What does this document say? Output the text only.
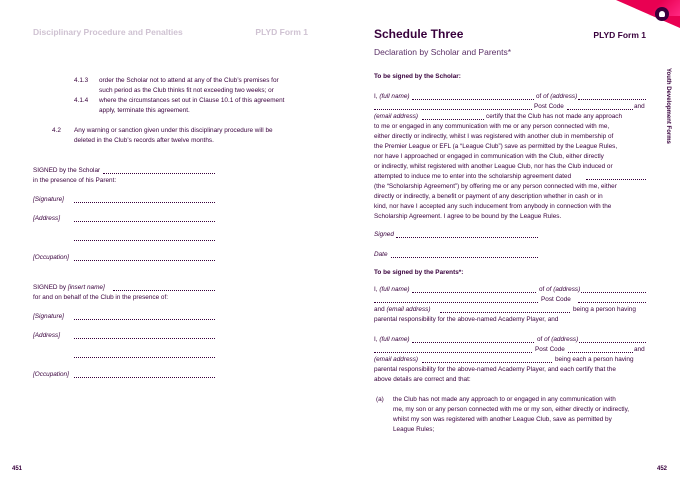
Disciplinary Procedure and Penalties	PLYD Form 1
4.1.3 order the Scholar not to attend at any of the Club’s premises for
such period as the Club thinks fit not exceeding two weeks; or
4.1.4 where the circumstances set out in Clause 10.1 of this agreement
apply, terminate this agreement.
4.2 Any warning or sanction given under this disciplinary procedure will be
deleted in the Club’s records after twelve months.
SIGNED by the Scholar
in the presence of his Parent:
[Signature]
[Address]
[Occupation]
SIGNED by [insert name]
for and on behalf of the Club in the presence of:
[Signature]
[Address]
[Occupation]
451
Schedule Three	PLYD Form 1
Declaration by Scholar and Parents*
Youth Development Forms
To be signed by the Scholar:
I, (full name)	of of (address)
Post Code	and
(email address)	certify that the Club has not made any approach
to me or engaged in any communication with me or any person connected with me,
either directly or indirectly, whilst I was registered with another club in membership of
the Premier League or EFL (a “League Club”) save as permitted by the League Rules,
nor have I approached or engaged in communication with the Club, either directly
or indirectly, whilst registered with another League Club, nor has the Club induced or
attempted to induce me to enter into the scholarship agreement dated
(the “Scholarship Agreement”) by offering me or any person connected with me, either
directly or indirectly, a benefit or payment of any description whether in cash or in
kind, nor have I accepted any such inducement from anybody in connection with the
Scholarship Agreement. I agree to be bound by the League Rules.
Signed
Date
To be signed by the Parents*:
I, (full name)	of of (address)
Post Code
and (email address)	being a person having
parental responsibility for the above-named Academy Player, and
I, (full name)	of of (address)
Post Code	and
(email address)	being each a person having
parental responsibility for the above-named Academy Player, and each certify that the
above details are correct and that:
(a) the Club has not made any approach to or engaged in any communication with
me, my son or any person connected with me or my son, either directly or indirectly,
whilst my son was registered with another League Club, save as permitted by
League Rules;
452
